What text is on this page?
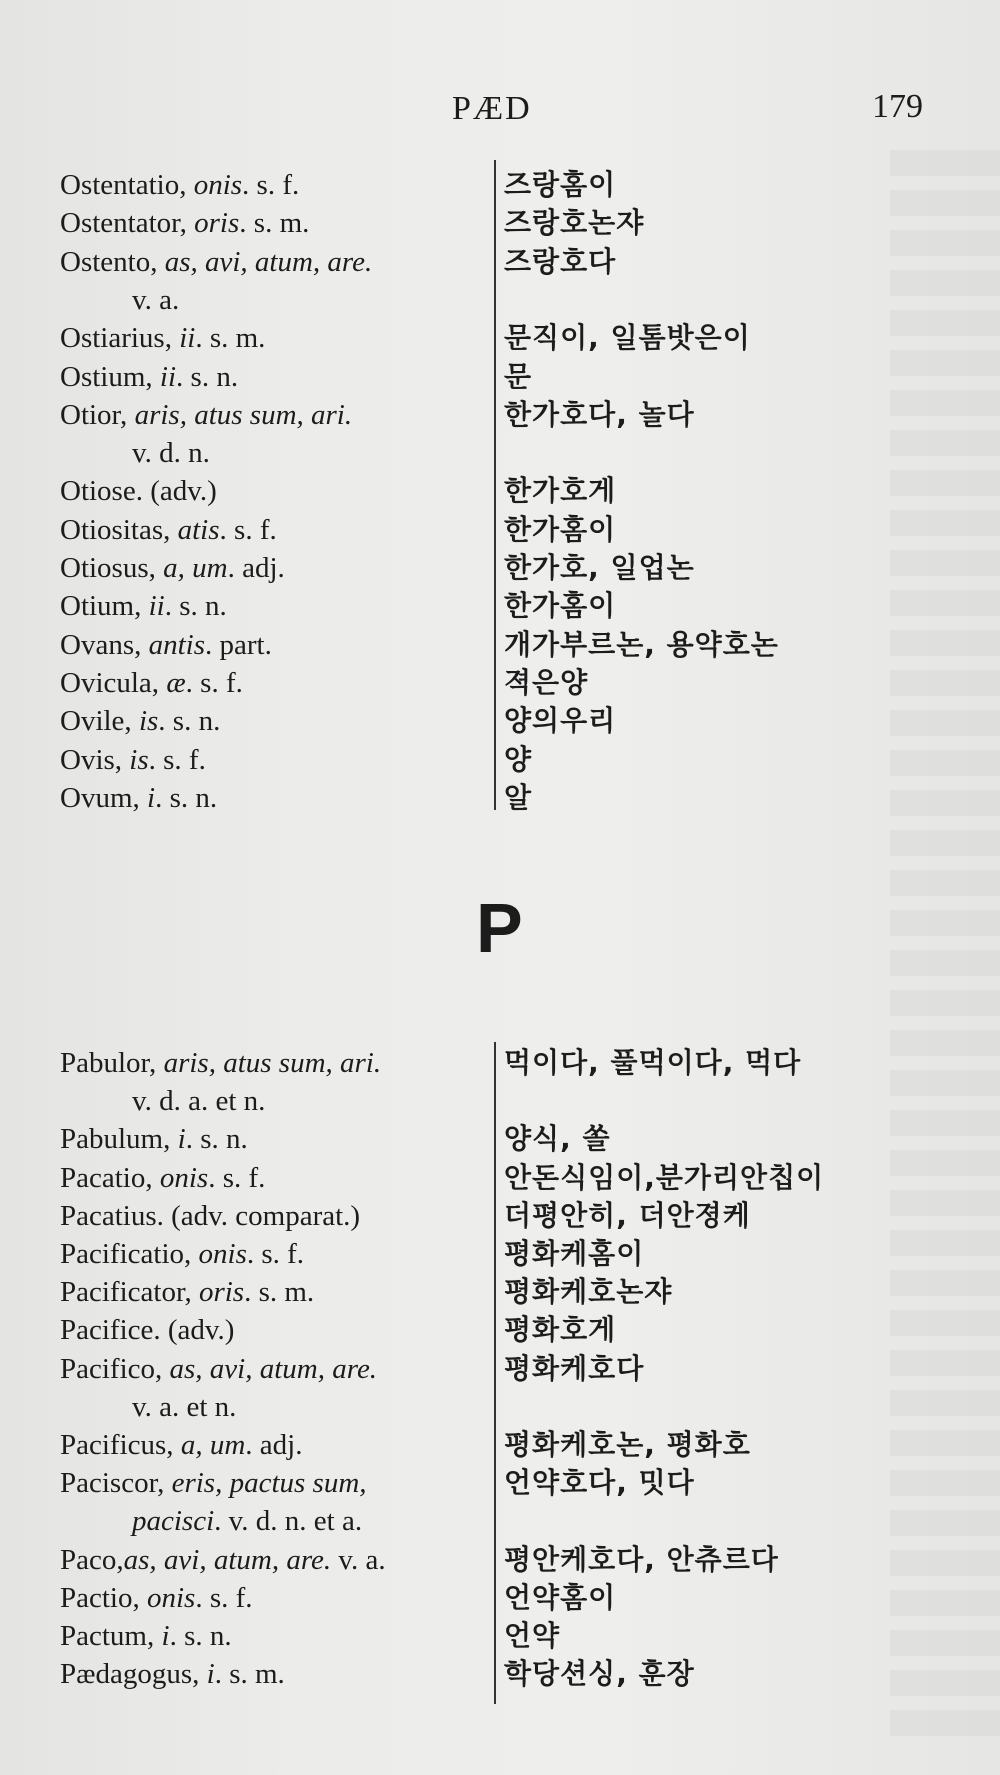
PÆD	179
Ostentatio, onis. s. f.	즈랑홈이
Ostentator, oris. s. m.	즈랑호논쟈
Ostento, as, avi, atum, are.	즈랑호다
v. a.
Ostiarius, ii. s. m.	문직이, 일톰밧은이
Ostium, ii. s. n.	문
Otior, aris, atus sum, ari.	한가호다, 놀다
v. d. n.
Otiose. (adv.)	한가호게
Otiositas, atis. s. f.	한가홈이
Otiosus, a, um. adj.	한가호, 일업논
Otium, ii. s. n.	한가홈이
Ovans, antis. part.	개가부르논, 용약호논
Ovicula, æ. s. f.	젹은양
Ovile, is. s. n.	양의우리
Ovis, is. s. f.	양
Ovum, i. s. n.	알
P
Pabulor, aris, atus sum, ari.	먹이다, 풀먹이다, 먹다
v. d. a. et n.
Pabulum, i. s. n.	양식, 쏠
Pacatio, onis. s. f.	안돈식임이,분가리안칩이
Pacatius. (adv. comparat.)	더평안히, 더안졍케
Pacificatio, onis. s. f.	평화케홈이
Pacificator, oris. s. m.	평화케호논쟈
Pacifice. (adv.)	평화호게
Pacifico, as, avi, atum, are.	평화케호다
v. a. et n.
Pacificus, a, um. adj.	평화케호논, 평화호
Paciscor, eris, pactus sum,	언약호다, 밋다
pacisci. v. d. n. et a.
Paco,as, avi, atum, are. v. a.	평안케호다, 안츄르다
Pactio, onis. s. f.	언약홈이
Pactum, i. s. n.	언약
Pædagogus, i. s. m.	학당션싱, 훈장
